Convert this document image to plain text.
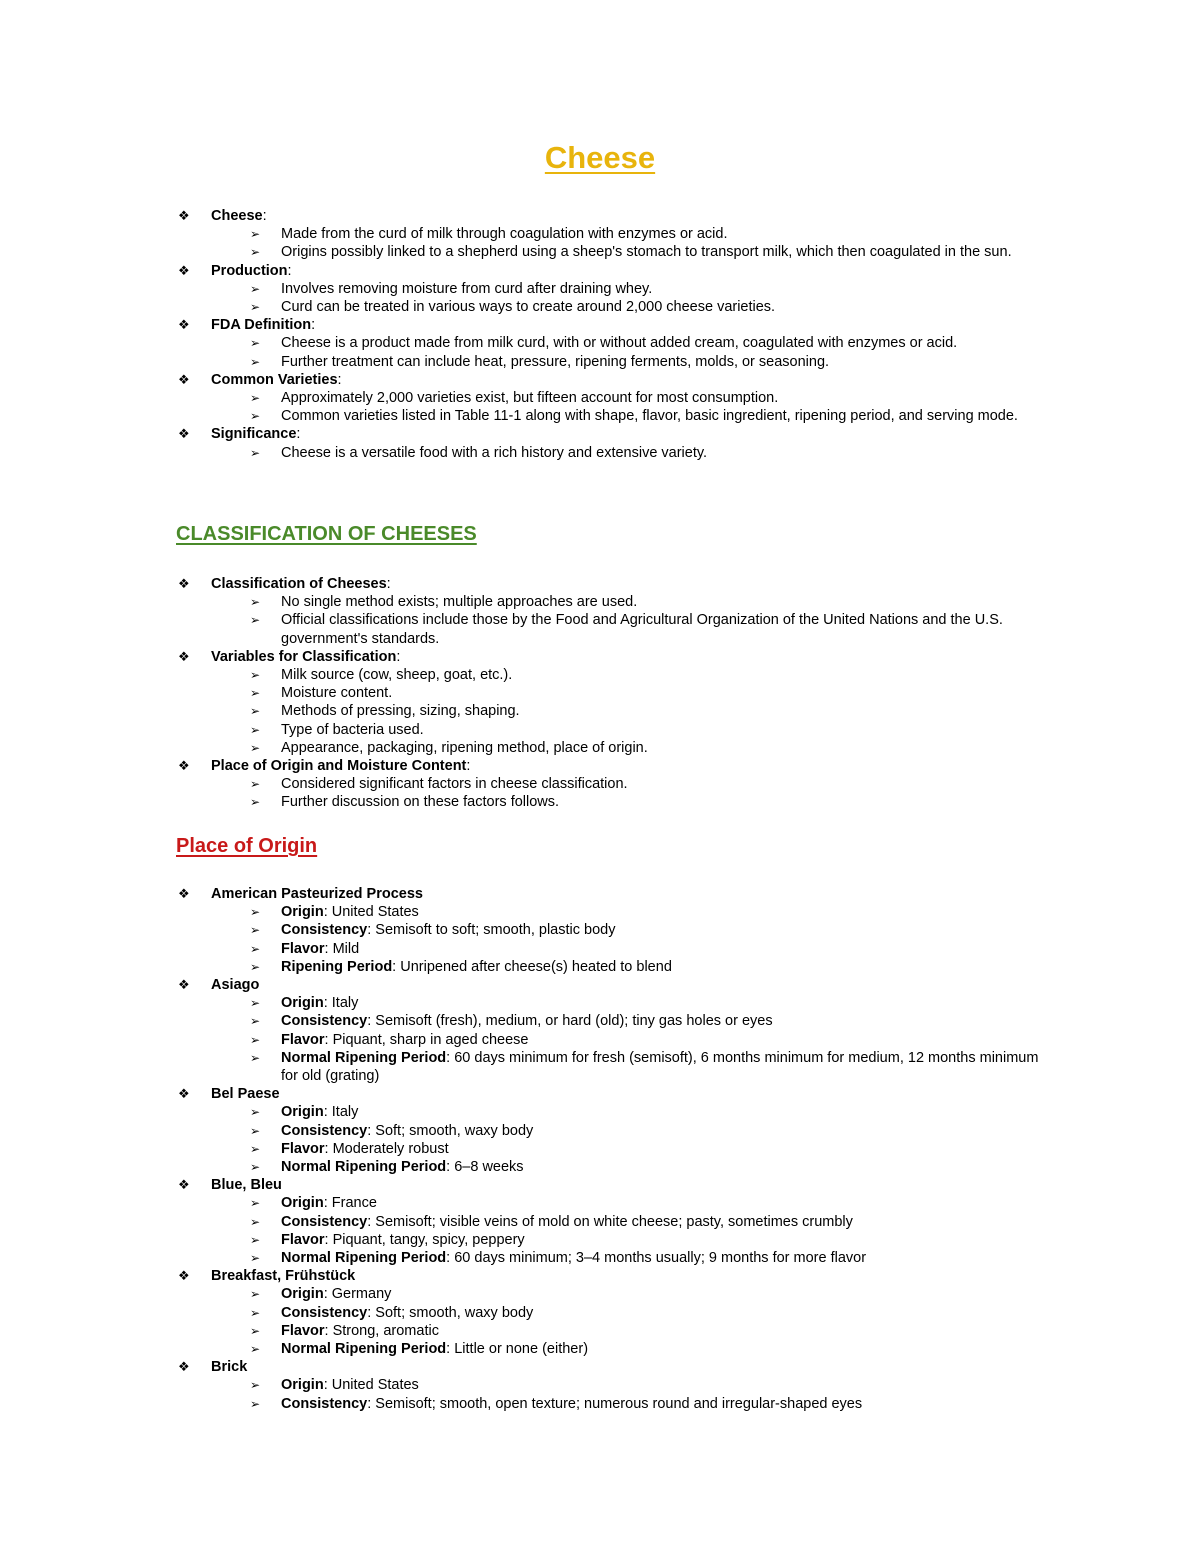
Cheese
❖ Cheese:
➢ Made from the curd of milk through coagulation with enzymes or acid.
➢ Origins possibly linked to a shepherd using a sheep's stomach to transport milk, which then coagulated in the sun.
❖ Production:
➢ Involves removing moisture from curd after draining whey.
➢ Curd can be treated in various ways to create around 2,000 cheese varieties.
❖ FDA Definition:
➢ Cheese is a product made from milk curd, with or without added cream, coagulated with enzymes or acid.
➢ Further treatment can include heat, pressure, ripening ferments, molds, or seasoning.
❖ Common Varieties:
➢ Approximately 2,000 varieties exist, but fifteen account for most consumption.
➢ Common varieties listed in Table 11-1 along with shape, flavor, basic ingredient, ripening period, and serving mode.
❖ Significance:
➢ Cheese is a versatile food with a rich history and extensive variety.
CLASSIFICATION OF CHEESES
❖ Classification of Cheeses:
➢ No single method exists; multiple approaches are used.
➢ Official classifications include those by the Food and Agricultural Organization of the United Nations and the U.S. government's standards.
❖ Variables for Classification:
➢ Milk source (cow, sheep, goat, etc.).
➢ Moisture content.
➢ Methods of pressing, sizing, shaping.
➢ Type of bacteria used.
➢ Appearance, packaging, ripening method, place of origin.
❖ Place of Origin and Moisture Content:
➢ Considered significant factors in cheese classification.
➢ Further discussion on these factors follows.
Place of Origin
❖ American Pasteurized Process
➢ Origin: United States
➢ Consistency: Semisoft to soft; smooth, plastic body
➢ Flavor: Mild
➢ Ripening Period: Unripened after cheese(s) heated to blend
❖ Asiago
➢ Origin: Italy
➢ Consistency: Semisoft (fresh), medium, or hard (old); tiny gas holes or eyes
➢ Flavor: Piquant, sharp in aged cheese
➢ Normal Ripening Period: 60 days minimum for fresh (semisoft), 6 months minimum for medium, 12 months minimum for old (grating)
❖ Bel Paese
➢ Origin: Italy
➢ Consistency: Soft; smooth, waxy body
➢ Flavor: Moderately robust
➢ Normal Ripening Period: 6–8 weeks
❖ Blue, Bleu
➢ Origin: France
➢ Consistency: Semisoft; visible veins of mold on white cheese; pasty, sometimes crumbly
➢ Flavor: Piquant, tangy, spicy, peppery
➢ Normal Ripening Period: 60 days minimum; 3–4 months usually; 9 months for more flavor
❖ Breakfast, Frühstück
➢ Origin: Germany
➢ Consistency: Soft; smooth, waxy body
➢ Flavor: Strong, aromatic
➢ Normal Ripening Period: Little or none (either)
❖ Brick
➢ Origin: United States
➢ Consistency: Semisoft; smooth, open texture; numerous round and irregular-shaped eyes
